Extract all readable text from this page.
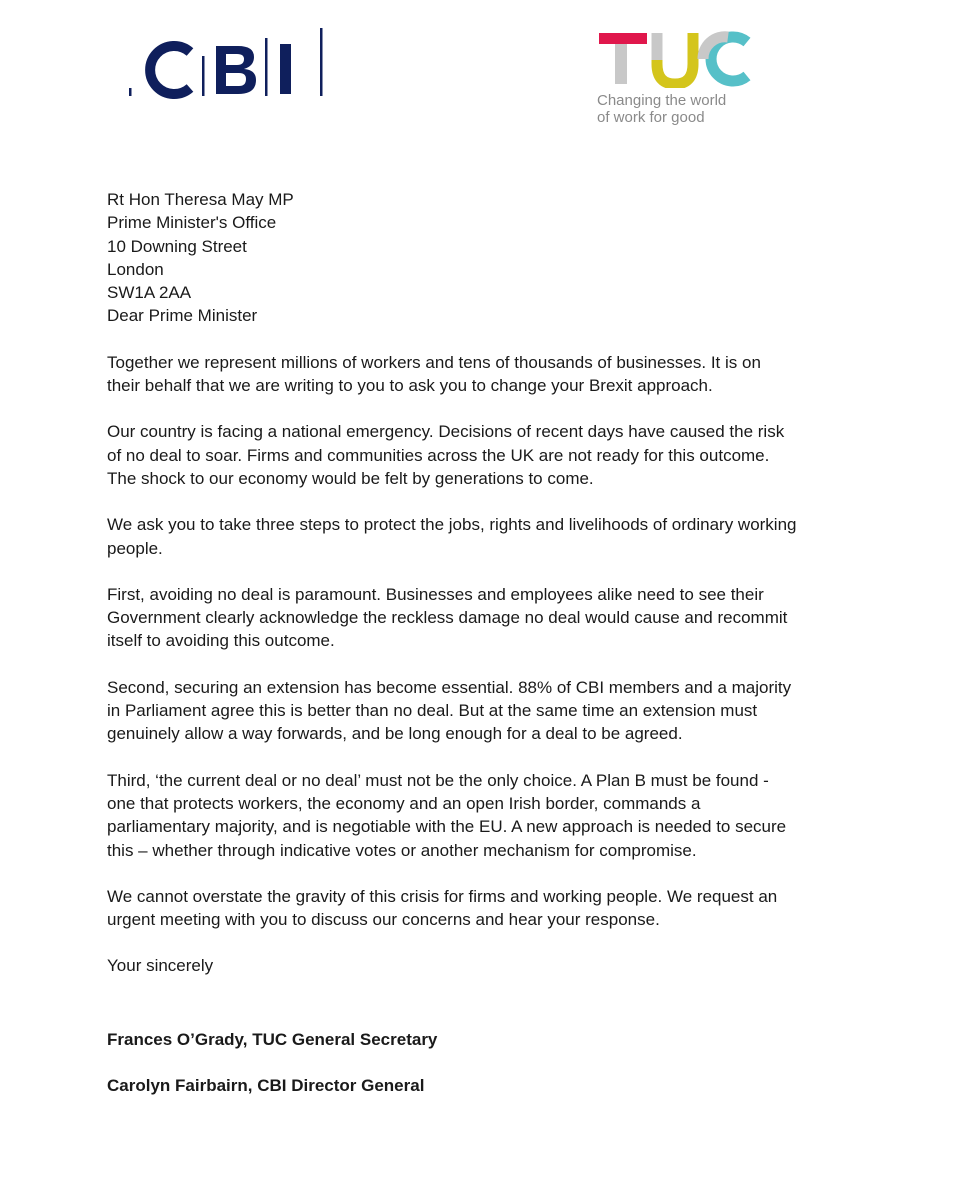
Changing the world
of work for good
Rt Hon Theresa May MP
Prime Minister's Office
10 Downing Street
London
SW1A 2AA

Dear Prime Minister

Together we represent millions of workers and tens of thousands of businesses. It is on their behalf that we are writing to you to ask you to change your Brexit approach.

Our country is facing a national emergency. Decisions of recent days have caused the risk of no deal to soar. Firms and communities across the UK are not ready for this outcome. The shock to our economy would be felt by generations to come.

We ask you to take three steps to protect the jobs, rights and livelihoods of ordinary working people.

First, avoiding no deal is paramount. Businesses and employees alike need to see their Government clearly acknowledge the reckless damage no deal would cause and recommit itself to avoiding this outcome.

Second, securing an extension has become essential. 88% of CBI members and a majority in Parliament agree this is better than no deal. But at the same time an extension must genuinely allow a way forwards, and be long enough for a deal to be agreed.

Third, ‘the current deal or no deal’ must not be the only choice. A Plan B must be found - one that protects workers, the economy and an open Irish border, commands a parliamentary majority, and is negotiable with the EU. A new approach is needed to secure this – whether through indicative votes or another mechanism for compromise.

We cannot overstate the gravity of this crisis for firms and working people. We request an urgent meeting with you to discuss our concerns and hear your response.

Your sincerely

Frances O’Grady, TUC General Secretary

Carolyn Fairbairn, CBI Director General
